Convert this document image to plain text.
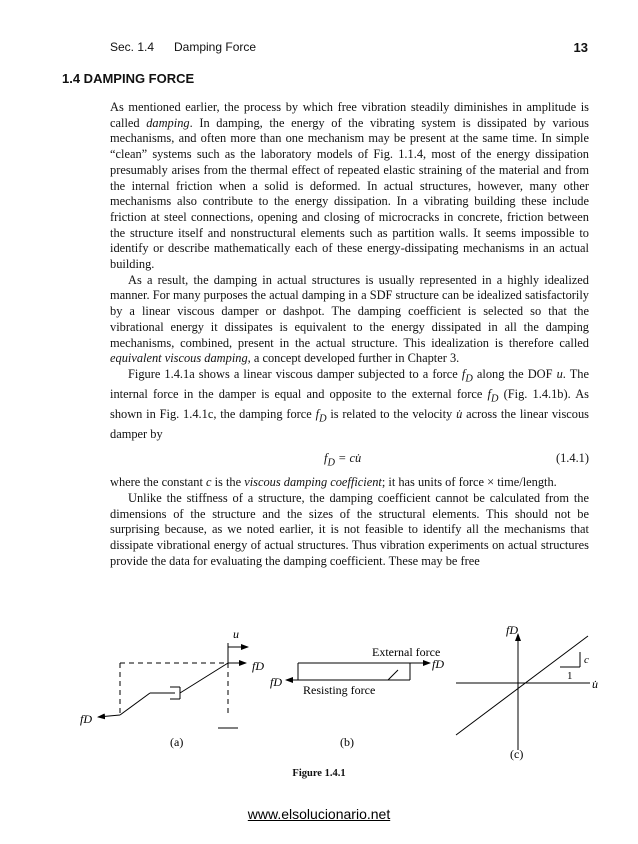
Sec. 1.4 Damping Force	13
1.4 DAMPING FORCE

As mentioned earlier, the process by which free vibration steadily diminishes in amplitude is called damping. In damping, the energy of the vibrating system is dissipated by various mechanisms, and often more than one mechanism may be present at the same time. In simple “clean” systems such as the laboratory models of Fig. 1.1.4, most of the energy dissipation presumably arises from the thermal effect of repeated elastic straining of the material and from the internal friction when a solid is deformed. In actual structures, however, many other mechanisms also contribute to the energy dissipation. In a vibrating building these include friction at steel connections, opening and closing of microcracks in concrete, friction between the structure itself and nonstructural elements such as partition walls. It seems impossible to identify or describe mathematically each of these energy-dissipating mechanisms in an actual building.

As a result, the damping in actual structures is usually represented in a highly idealized manner. For many purposes the actual damping in a SDF structure can be idealized satisfactorily by a linear viscous damper or dashpot. The damping coefficient is selected so that the vibrational energy it dissipates is equivalent to the energy dissipated in all the damping mechanisms, combined, present in the actual structure. This idealization is therefore called equivalent viscous damping, a concept developed further in Chapter 3.

Figure 1.4.1a shows a linear viscous damper subjected to a force $f_D$ along the DOF u. The internal force in the damper is equal and opposite to the external force $f_D$ (Fig. 1.4.1b). As shown in Fig. 1.4.1c, the damping force $f_D$ is related to the velocity u̇ across the linear viscous damper by

$f_D$ = cu̇	(1.4.1)

where the constant c is the viscous damping coefficient; it has units of force × time/length.

Unlike the stiffness of a structure, the damping coefficient cannot be calculated from the dimensions of the structure and the sizes of the structural elements. This should not be surprising because, as we noted earlier, it is not feasible to identify all the mechanisms that dissipate vibrational energy of actual structures. Thus vibration experiments on actual structures provide the data for evaluating the damping coefficient. These may be free

u
fD
fD
(a)
External force
fD
fD
Resisting force
(b)
fD
u̇
c
1
(c)
Figure 1.4.1
www.elsolucionario.net
